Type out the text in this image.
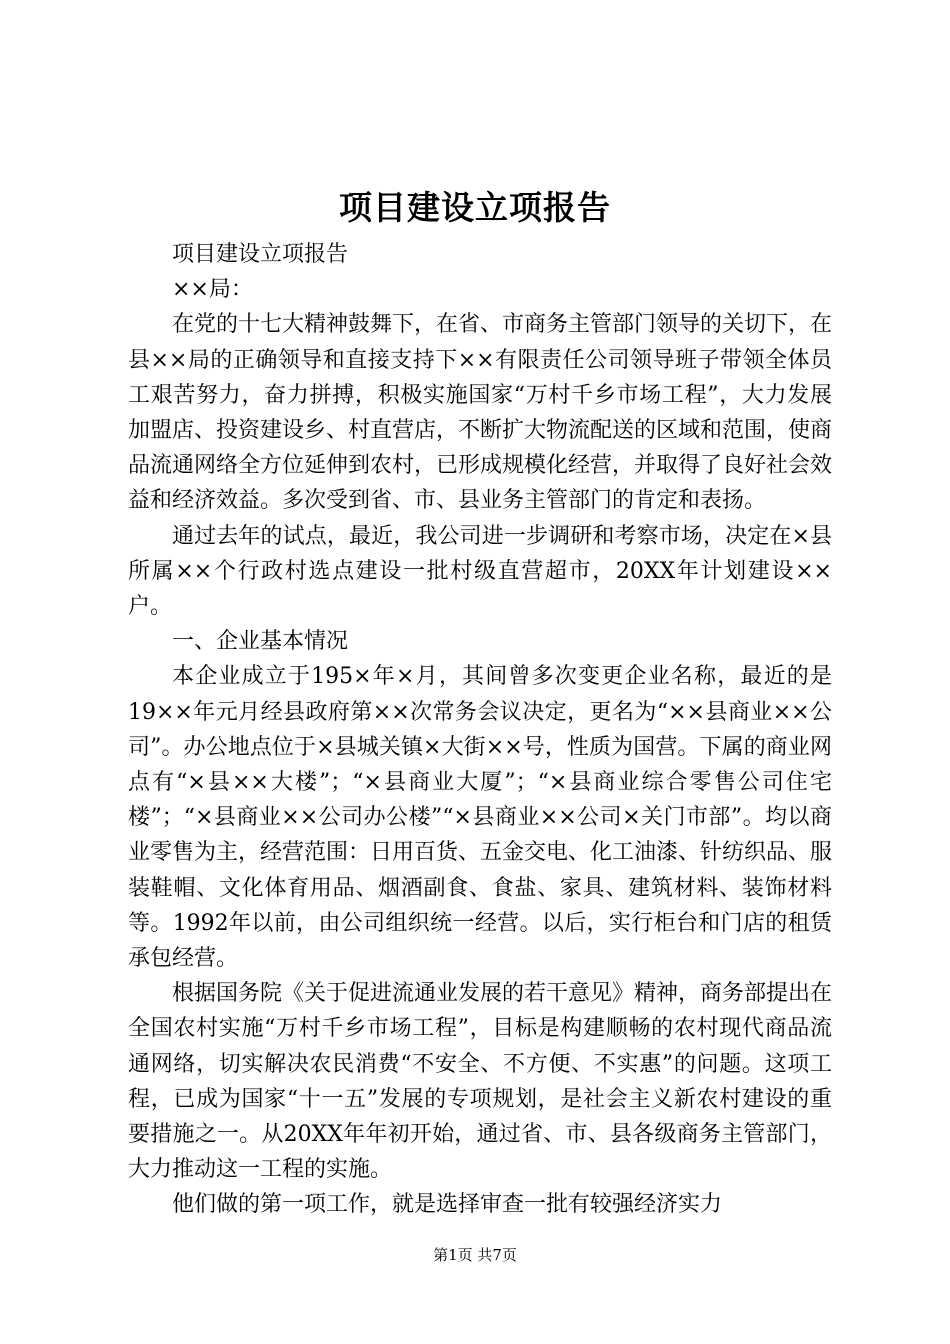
项目建设立项报告

项目建设立项报告

××局：

在党的十七大精神鼓舞下，在省、市商务主管部门领导的关切下，在县××局的正确领导和直接支持下××有限责任公司领导班子带领全体员工艰苦努力，奋力拼搏，积极实施国家“万村千乡市场工程”，大力发展加盟店、投资建设乡、村直营店，不断扩大物流配送的区域和范围，使商品流通网络全方位延伸到农村，已形成规模化经营，并取得了良好社会效益和经济效益。多次受到省、市、县业务主管部门的肯定和表扬。

通过去年的试点，最近，我公司进一步调研和考察市场，决定在×县所属××个行政村选点建设一批村级直营超市，20XX年计划建设××户。

一、企业基本情况

本企业成立于195×年×月，其间曾多次变更企业名称，最近的是19××年元月经县政府第××次常务会议决定，更名为“××县商业××公司”。办公地点位于×县城关镇×大街××号，性质为国营。下属的商业网点有“×县××大楼”；“×县商业大厦”；“×县商业综合零售公司住宅楼”；“×县商业××公司办公楼”“×县商业××公司×关门市部”。均以商业零售为主，经营范围：日用百货、五金交电、化工油漆、针纺织品、服装鞋帽、文化体育用品、烟酒副食、食盐、家具、建筑材料、装饰材料等。1992年以前，由公司组织统一经营。以后，实行柜台和门店的租赁承包经营。

根据国务院《关于促进流通业发展的若干意见》精神，商务部提出在全国农村实施“万村千乡市场工程”，目标是构建顺畅的农村现代商品流通网络，切实解决农民消费“不安全、不方便、不实惠”的问题。这项工程，已成为国家“十一五”发展的专项规划，是社会主义新农村建设的重要措施之一。从20XX年年初开始，通过省、市、县各级商务主管部门，大力推动这一工程的实施。

他们做的第一项工作，就是选择审查一批有较强经济实力

第1页 共7页
